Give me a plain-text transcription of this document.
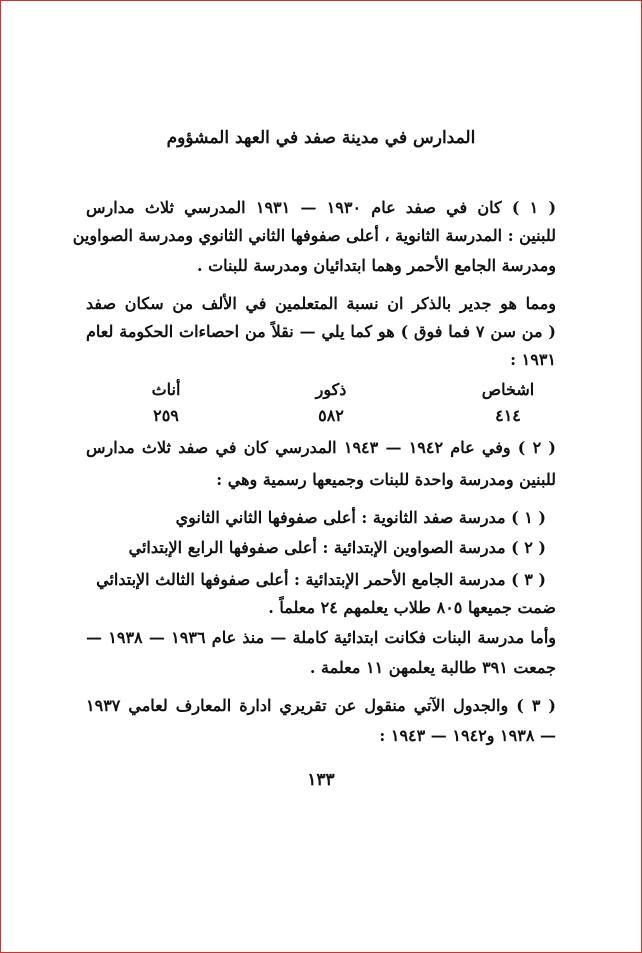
المدارس في مدينة صفد في العهد المشؤوم
( ١ ) كان في صفد عام ١٩٣٠ — ١٩٣١ المدرسي ثلاث مدارس
للبنين : المدرسة الثانوية ، أعلى صفوفها الثاني الثانوي ومدرسة الصواوين
ومدرسة الجامع الأحمر وهما ابتدائيان ومدرسة للبنات .
ومما هو جدير بالذكر ان نسبة المتعلمين في الألف من سكان صفد
( من سن ٧ فما فوق ) هو كما يلي — نقلاً من احصاءات الحكومة لعام
١٩٣١ :
اشخاص
ذكور
أناث
٤١٤
٥٨٢
٢٥٩
( ٢ ) وفي عام ١٩٤٢ — ١٩٤٣ المدرسي كان في صفد ثلاث مدارس
للبنين ومدرسة واحدة للبنات وجميعها رسمية وهي :
( ١ ) مدرسة صفد الثانوية : أعلى صفوفها الثاني الثانوي
( ٢ ) مدرسة الصواوين الإبتدائية : أعلى صفوفها الرابع الإبتدائي
( ٣ ) مدرسة الجامع الأحمر الإبتدائية : أعلى صفوفها الثالث الإبتدائي
ضمت جميعها ٨٠٥ طلاب يعلمهم ٢٤ معلماً .
وأما مدرسة البنات فكانت ابتدائية كاملة — منذ عام ١٩٣٦ — ١٩٣٨ —
جمعت ٣٩١ طالبة يعلمهن ١١ معلمة .
( ٣ ) والجدول الآتي منقول عن تقريري ادارة المعارف لعامي ١٩٣٧
— ١٩٣٨ و١٩٤٢ — ١٩٤٣ :
١٣٣
